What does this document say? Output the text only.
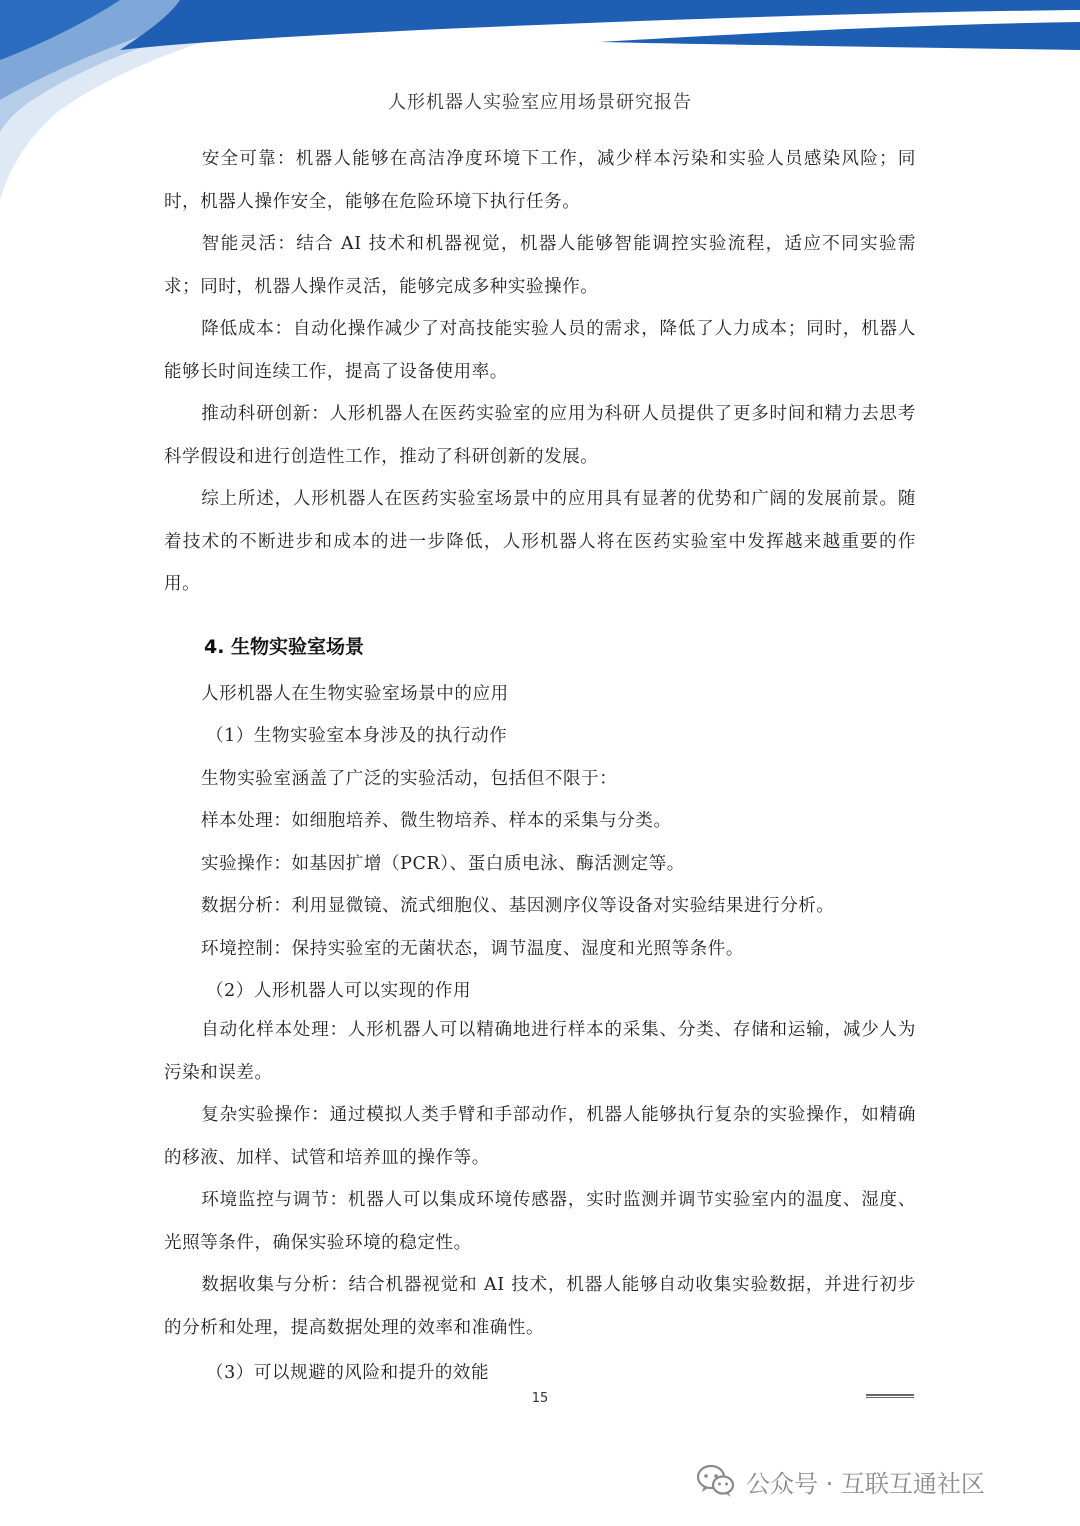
人形机器人实验室应用场景研究报告
安全可靠：机器人能够在高洁净度环境下工作，减少样本污染和实验人员感染风险；同时，机器人操作安全，能够在危险环境下执行任务。
智能灵活：结合 AI 技术和机器视觉，机器人能够智能调控实验流程，适应不同实验需求；同时，机器人操作灵活，能够完成多种实验操作。
降低成本：自动化操作减少了对高技能实验人员的需求，降低了人力成本；同时，机器人能够长时间连续工作，提高了设备使用率。
推动科研创新：人形机器人在医药实验室的应用为科研人员提供了更多时间和精力去思考科学假设和进行创造性工作，推动了科研创新的发展。
综上所述，人形机器人在医药实验室场景中的应用具有显著的优势和广阔的发展前景。随着技术的不断进步和成本的进一步降低，人形机器人将在医药实验室中发挥越来越重要的作用。
4. 生物实验室场景
人形机器人在生物实验室场景中的应用
（1）生物实验室本身涉及的执行动作
生物实验室涵盖了广泛的实验活动，包括但不限于：
样本处理：如细胞培养、微生物培养、样本的采集与分类。
实验操作：如基因扩增（PCR）、蛋白质电泳、酶活测定等。
数据分析：利用显微镜、流式细胞仪、基因测序仪等设备对实验结果进行分析。
环境控制：保持实验室的无菌状态，调节温度、湿度和光照等条件。
（2）人形机器人可以实现的作用
自动化样本处理：人形机器人可以精确地进行样本的采集、分类、存储和运输，减少人为污染和误差。
复杂实验操作：通过模拟人类手臂和手部动作，机器人能够执行复杂的实验操作，如精确的移液、加样、试管和培养皿的操作等。
环境监控与调节：机器人可以集成环境传感器，实时监测并调节实验室内的温度、湿度、光照等条件，确保实验环境的稳定性。
数据收集与分析：结合机器视觉和 AI 技术，机器人能够自动收集实验数据，并进行初步的分析和处理，提高数据处理的效率和准确性。
（3）可以规避的风险和提升的效能
15
公众号 · 互联互通社区
